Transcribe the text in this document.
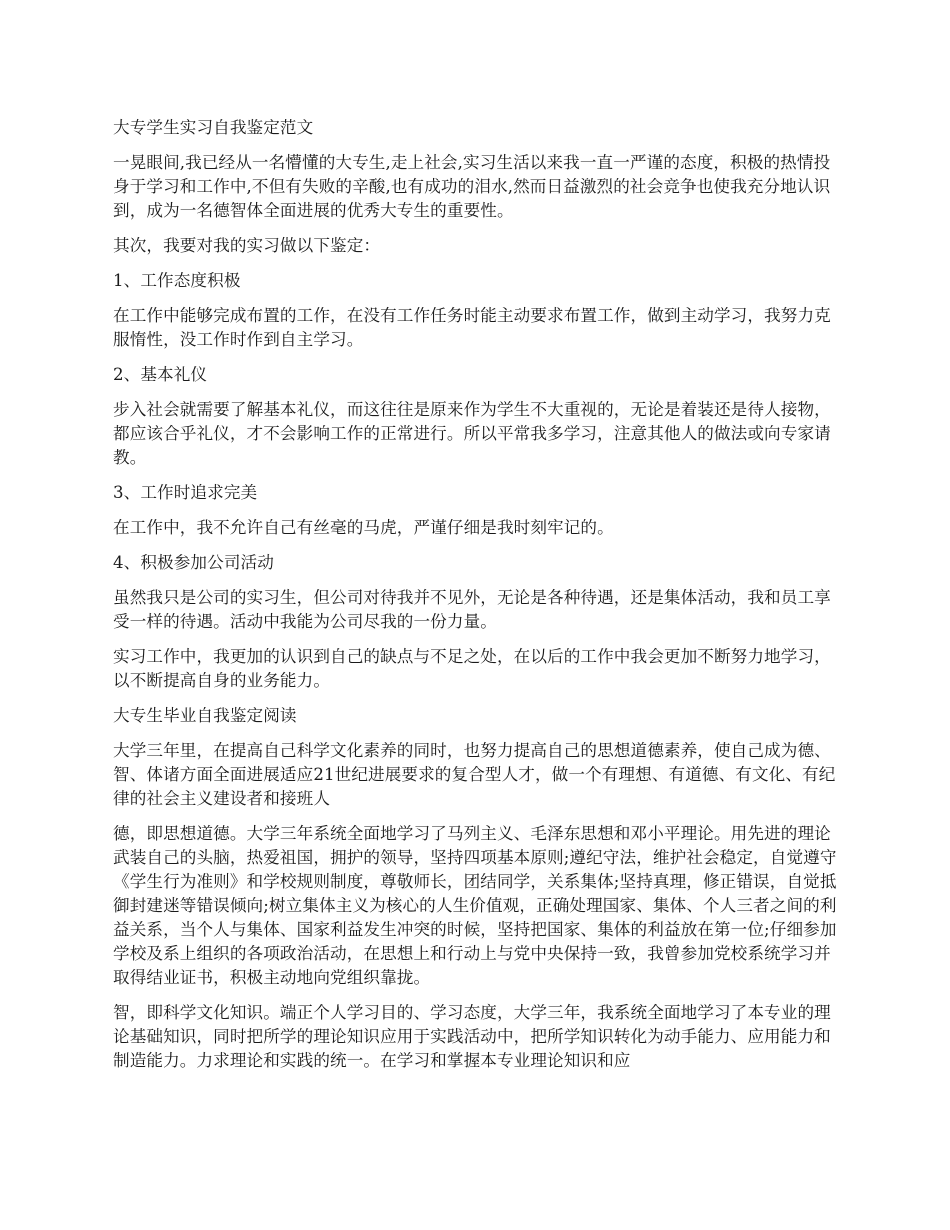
大专学生实习自我鉴定范文

一晃眼间,我已经从一名懵懂的大专生,走上社会,实习生活以来我一直一严谨的态度，积极的热情投身于学习和工作中,不但有失败的辛酸,也有成功的泪水,然而日益激烈的社会竞争也使我充分地认识到，成为一名德智体全面进展的优秀大专生的重要性。

其次，我要对我的实习做以下鉴定：

1、工作态度积极

在工作中能够完成布置的工作，在没有工作任务时能主动要求布置工作，做到主动学习，我努力克服惰性，没工作时作到自主学习。

2、基本礼仪

步入社会就需要了解基本礼仪，而这往往是原来作为学生不大重视的，无论是着装还是待人接物，都应该合乎礼仪，才不会影响工作的正常进行。所以平常我多学习，注意其他人的做法或向专家请教。

3、工作时追求完美

在工作中，我不允许自己有丝毫的马虎，严谨仔细是我时刻牢记的。

4、积极参加公司活动

虽然我只是公司的实习生，但公司对待我并不见外，无论是各种待遇，还是集体活动，我和员工享受一样的待遇。活动中我能为公司尽我的一份力量。

实习工作中，我更加的认识到自己的缺点与不足之处，在以后的工作中我会更加不断努力地学习，以不断提高自身的业务能力。

大专生毕业自我鉴定阅读

大学三年里，在提高自己科学文化素养的同时，也努力提高自己的思想道德素养，使自己成为德、智、体诸方面全面进展适应21世纪进展要求的复合型人才，做一个有理想、有道德、有文化、有纪律的社会主义建设者和接班人

德，即思想道德。大学三年系统全面地学习了马列主义、毛泽东思想和邓小平理论。用先进的理论武装自己的头脑，热爱祖国，拥护的领导，坚持四项基本原则;遵纪守法，维护社会稳定，自觉遵守《学生行为准则》和学校规则制度，尊敬师长，团结同学，关系集体;坚持真理，修正错误，自觉抵御封建迷等错误倾向;树立集体主义为核心的人生价值观，正确处理国家、集体、个人三者之间的利益关系，当个人与集体、国家利益发生冲突的时候，坚持把国家、集体的利益放在第一位;仔细参加学校及系上组织的各项政治活动，在思想上和行动上与党中央保持一致，我曾参加党校系统学习并取得结业证书，积极主动地向党组织靠拢。

智，即科学文化知识。端正个人学习目的、学习态度，大学三年，我系统全面地学习了本专业的理论基础知识，同时把所学的理论知识应用于实践活动中，把所学知识转化为动手能力、应用能力和制造能力。力求理论和实践的统一。在学习和掌握本专业理论知识和应
